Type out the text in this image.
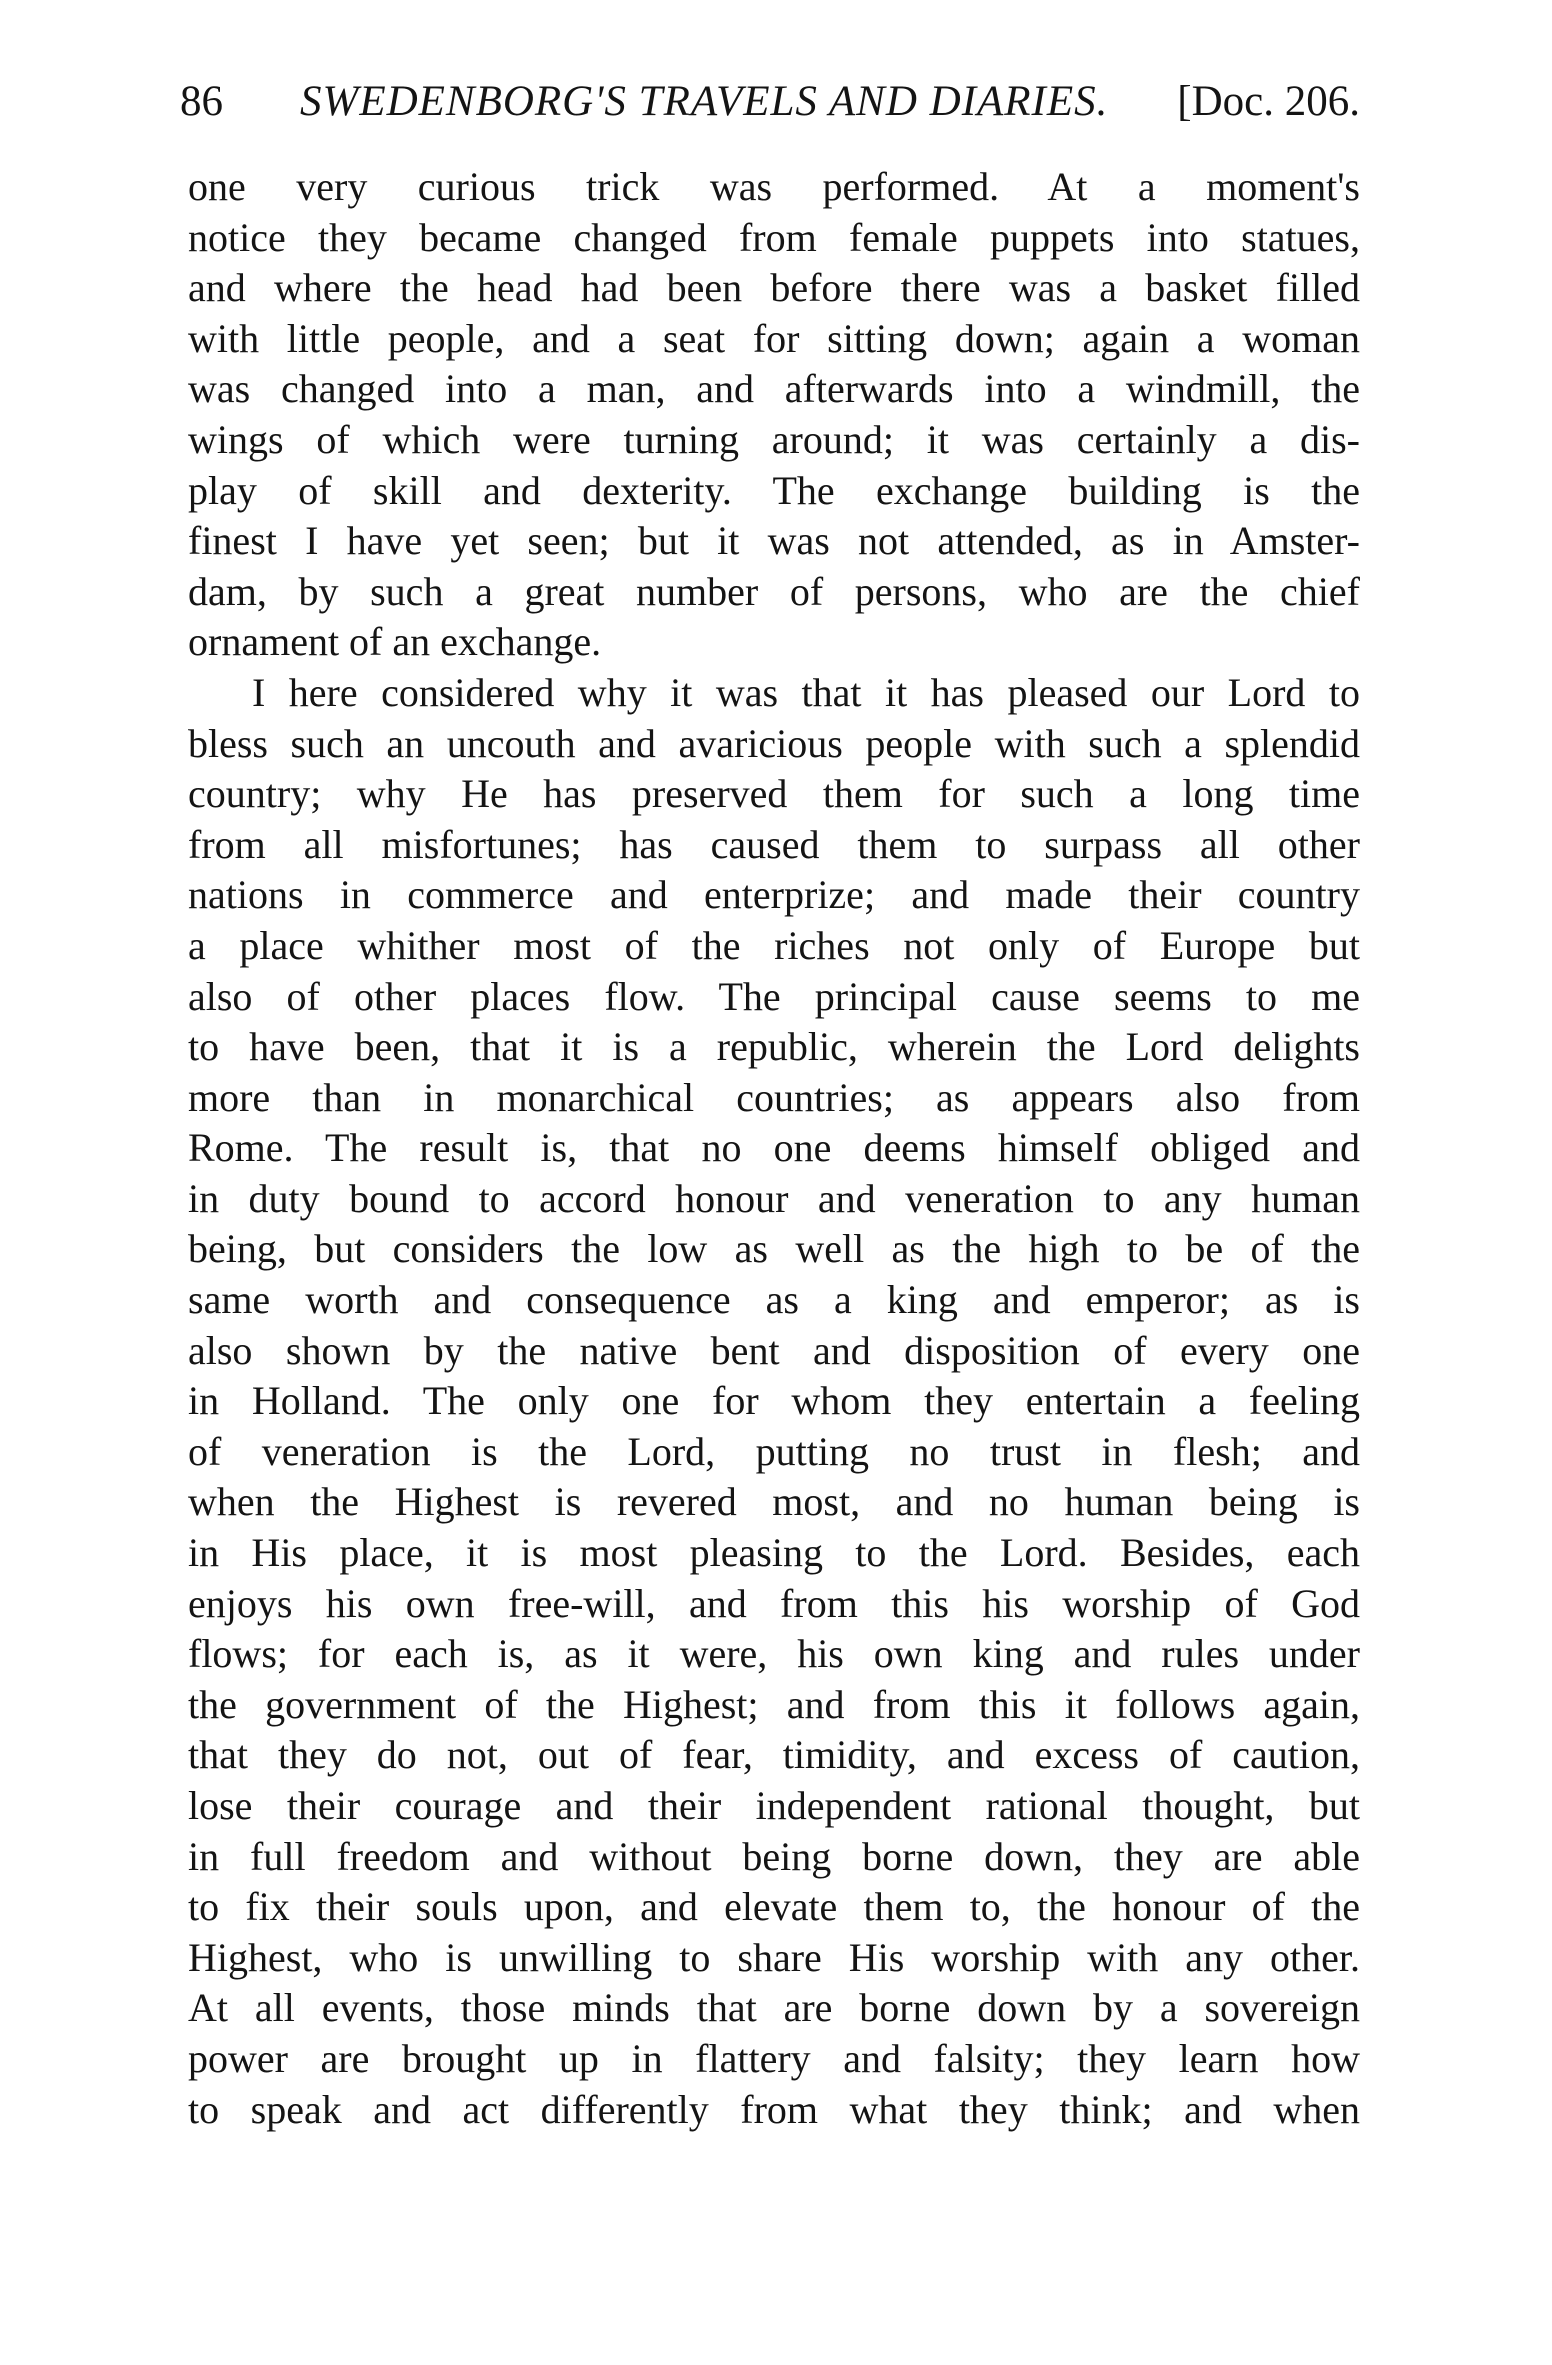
86 SWEDENBORG'S TRAVELS AND DIARIES. [Doc. 206.
one very curious trick was performed. At a moment's
notice they became changed from female puppets into statues,
and where the head had been before there was a basket filled
with little people, and a seat for sitting down; again a woman
was changed into a man, and afterwards into a windmill, the
wings of which were turning around; it was certainly a dis-
play of skill and dexterity. The exchange building is the
finest I have yet seen; but it was not attended, as in Amster-
dam, by such a great number of persons, who are the chief
ornament of an exchange.
I here considered why it was that it has pleased our Lord to
bless such an uncouth and avaricious people with such a splendid
country; why He has preserved them for such a long time
from all misfortunes; has caused them to surpass all other
nations in commerce and enterprize; and made their country
a place whither most of the riches not only of Europe but
also of other places flow. The principal cause seems to me
to have been, that it is a republic, wherein the Lord delights
more than in monarchical countries; as appears also from
Rome. The result is, that no one deems himself obliged and
in duty bound to accord honour and veneration to any human
being, but considers the low as well as the high to be of the
same worth and consequence as a king and emperor; as is
also shown by the native bent and disposition of every one
in Holland. The only one for whom they entertain a feeling
of veneration is the Lord, putting no trust in flesh; and
when the Highest is revered most, and no human being is
in His place, it is most pleasing to the Lord. Besides, each
enjoys his own free-will, and from this his worship of God
flows; for each is, as it were, his own king and rules under
the government of the Highest; and from this it follows again,
that they do not, out of fear, timidity, and excess of caution,
lose their courage and their independent rational thought, but
in full freedom and without being borne down, they are able
to fix their souls upon, and elevate them to, the honour of the
Highest, who is unwilling to share His worship with any other.
At all events, those minds that are borne down by a sovereign
power are brought up in flattery and falsity; they learn how
to speak and act differently from what they think; and when
